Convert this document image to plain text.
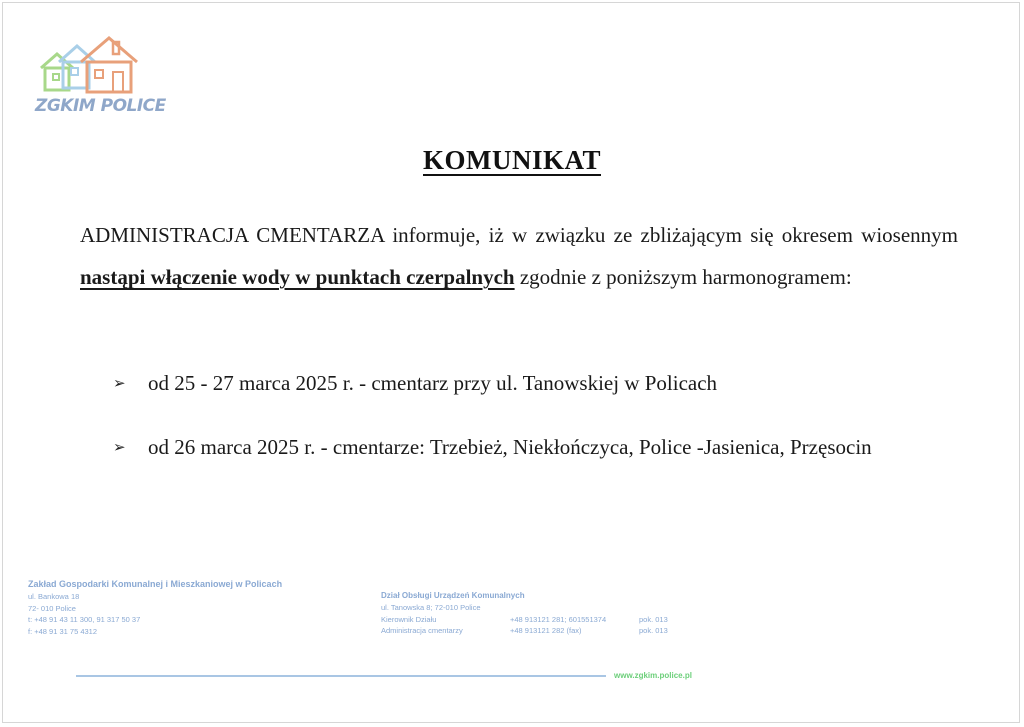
ZGKIM POLICE
KOMUNIKAT
ADMINISTRACJA CMENTARZA informuje, iż w związku ze zbliżającym się okresem wiosennym nastąpi włączenie wody w punktach czerpalnych zgodnie z poniższym harmonogramem:
➢ od 25 - 27 marca 2025 r. - cmentarz przy ul. Tanowskiej w Policach
➢ od 26 marca 2025 r. - cmentarze: Trzebież, Niekłończyca, Police -Jasienica, Przęsocin
Zakład Gospodarki Komunalnej i Mieszkaniowej w Policach
ul. Bankowa 18
72- 010 Police
t: +48 91 43 11 300, 91 317 50 37
f: +48 91 31 75 4312
Dział Obsługi Urządzeń Komunalnych
ul. Tanowska 8; 72-010 Police
Kierownik Działu	+48 913121 281; 601551374	pok. 013
Administracja cmentarzy	+48 913121 282 (fax)	pok. 013
www.zgkim.police.pl
